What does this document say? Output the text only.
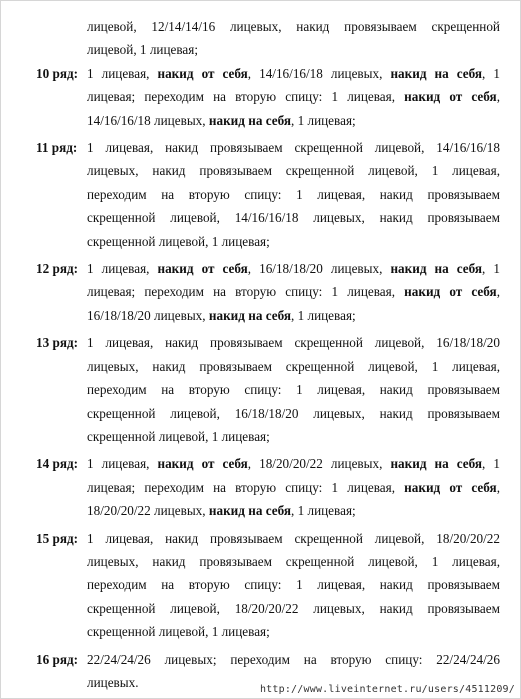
лицевой, 12/14/14/16 лицевых, накид провязываем скрещенной
лицевой, 1 лицевая;
10 ряд: 1 лицевая, накид от себя, 14/16/16/18 лицевых, накид на себя, 1
лицевая; переходим на вторую спицу: 1 лицевая, накид от себя,
14/16/16/18 лицевых, накид на себя, 1 лицевая;
11 ряд: 1 лицевая, накид провязываем скрещенной лицевой, 14/16/16/18
лицевых, накид провязываем скрещенной лицевой, 1 лицевая,
переходим на вторую спицу: 1 лицевая, накид провязываем
скрещенной лицевой, 14/16/16/18 лицевых, накид провязываем
скрещенной лицевой, 1 лицевая;
12 ряд: 1 лицевая, накид от себя, 16/18/18/20 лицевых, накид на себя, 1
лицевая; переходим на вторую спицу: 1 лицевая, накид от себя,
16/18/18/20 лицевых, накид на себя, 1 лицевая;
13 ряд: 1 лицевая, накид провязываем скрещенной лицевой, 16/18/18/20
лицевых, накид провязываем скрещенной лицевой, 1 лицевая,
переходим на вторую спицу: 1 лицевая, накид провязываем
скрещенной лицевой, 16/18/18/20 лицевых, накид провязываем
скрещенной лицевой, 1 лицевая;
14 ряд: 1 лицевая, накид от себя, 18/20/20/22 лицевых, накид на себя, 1
лицевая; переходим на вторую спицу: 1 лицевая, накид от себя,
18/20/20/22 лицевых, накид на себя, 1 лицевая;
15 ряд: 1 лицевая, накид провязываем скрещенной лицевой, 18/20/20/22
лицевых, накид провязываем скрещенной лицевой, 1 лицевая,
переходим на вторую спицу: 1 лицевая, накид провязываем
скрещенной лицевой, 18/20/20/22 лицевых, накид провязываем
скрещенной лицевой, 1 лицевая;
16 ряд: 22/24/24/26 лицевых; переходим на вторую спицу: 22/24/24/26
лицевых.	http://www.liveinternet.ru/users/4511209/
